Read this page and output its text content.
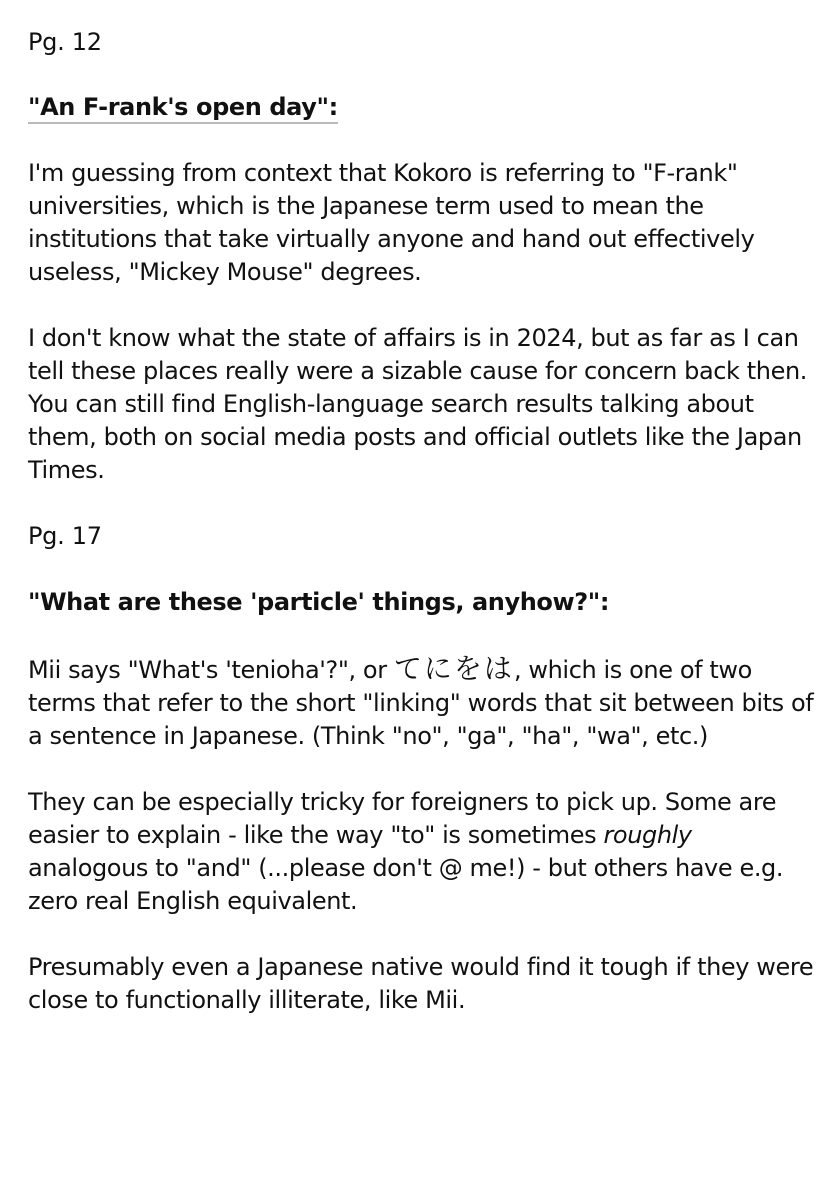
Pg. 12
"An F-rank's open day":

I'm guessing from context that Kokoro is referring to "F-rank" universities, which is the Japanese term used to mean the institutions that take virtually anyone and hand out effectively useless, "Mickey Mouse" degrees.

I don't know what the state of affairs is in 2024, but as far as I can tell these places really were a sizable cause for concern back then. You can still find English-language search results talking about them, both on social media posts and official outlets like the Japan Times.

Pg. 17
"What are these 'particle' things, anyhow?":

Mii says "What's 'tenioha'?", or てにをは, which is one of two terms that refer to the short "linking" words that sit between bits of a sentence in Japanese. (Think "no", "ga", "ha", "wa", etc.)

They can be especially tricky for foreigners to pick up. Some are easier to explain - like the way "to" is sometimes roughly analogous to "and" (...please don't @ me!) - but others have e.g. zero real English equivalent.

Presumably even a Japanese native would find it tough if they were close to functionally illiterate, like Mii.
